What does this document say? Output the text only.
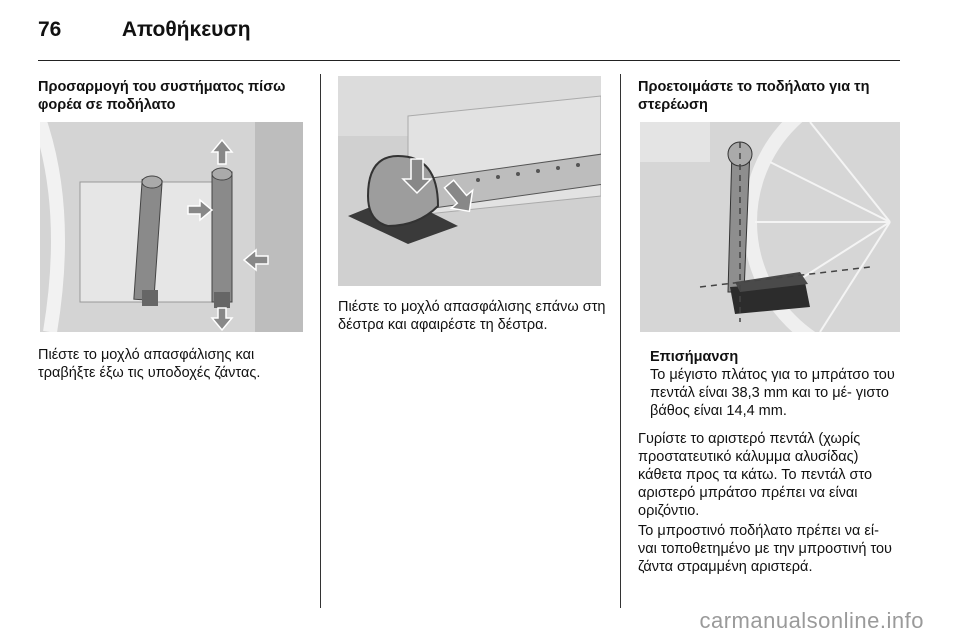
76	Αποθήκευση
Προσαρμογή του συστήματος πίσω φορέα σε ποδήλατο
Πιέστε το μοχλό απασφάλισης και τραβήξτε έξω τις υποδοχές ζάντας.
Πιέστε το μοχλό απασφάλισης επάνω στη δέστρα και αφαιρέστε τη δέστρα.
Προετοιμάστε το ποδήλατο για τη στερέωση

Επισήμανση

Το μέγιστο πλάτος για το μπράτσο του πεντάλ είναι 38,3 mm και το μέ- γιστο βάθος είναι 14,4 mm.

Γυρίστε το αριστερό πεντάλ (χωρίς προστατευτικό κάλυμμα αλυσίδας) κάθετα προς τα κάτω. Το πεντάλ στο αριστερό μπράτσο πρέπει να είναι οριζόντιο.
Το μπροστινό ποδήλατο πρέπει να εί- ναι τοποθετημένο με την μπροστινή του ζάντα στραμμένη αριστερά.
carmanualsonline.info
